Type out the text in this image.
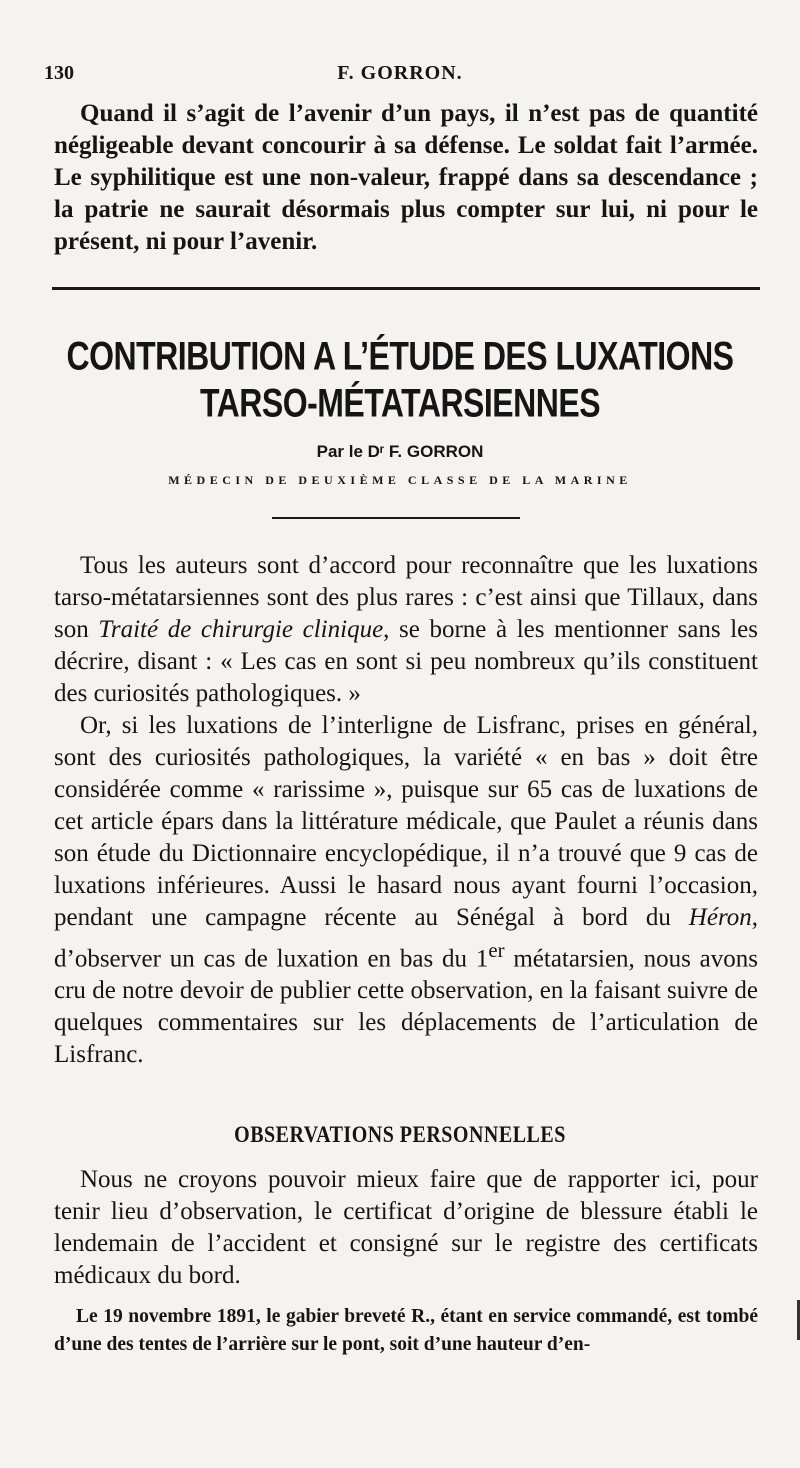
130	F. GORRON.

Quand il s’agit de l’avenir d’un pays, il n’est pas de quantité négligeable devant concourir à sa défense. Le soldat fait l’armée. Le syphilitique est une non-valeur, frappé dans sa descendance ; la patrie ne saurait désormais plus compter sur lui, ni pour le présent, ni pour l’avenir.

CONTRIBUTION A L’ÉTUDE DES LUXATIONS
TARSO-MÉTATARSIENNES
Par le Dʳ F. GORRON
MÉDECIN DE DEUXIÈME CLASSE DE LA MARINE

Tous les auteurs sont d’accord pour reconnaître que les luxations tarso-métatarsiennes sont des plus rares : c’est ainsi que Tillaux, dans son Traité de chirurgie clinique, se borne à les mentionner sans les décrire, disant : « Les cas en sont si peu nombreux qu’ils constituent des curiosités pathologiques. »

Or, si les luxations de l’interligne de Lisfranc, prises en général, sont des curiosités pathologiques, la variété « en bas » doit être considérée comme « rarissime », puisque sur 65 cas de luxations de cet article épars dans la littérature médicale, que Paulet a réunis dans son étude du Dictionnaire encyclopédique, il n’a trouvé que 9 cas de luxations inférieures. Aussi le hasard nous ayant fourni l’occasion, pendant une campagne récente au Sénégal à bord du Héron, d’observer un cas de luxation en bas du 1er métatarsien, nous avons cru de notre devoir de publier cette observation, en la faisant suivre de quelques commentaires sur les déplacements de l’articulation de Lisfranc.

OBSERVATIONS PERSONNELLES

Nous ne croyons pouvoir mieux faire que de rapporter ici, pour tenir lieu d’observation, le certificat d’origine de blessure établi le lendemain de l’accident et consigné sur le registre des certificats médicaux du bord.

Le 19 novembre 1891, le gabier breveté R., étant en service commandé, est tombé d’une des tentes de l’arrière sur le pont, soit d’une hauteur d’en-
